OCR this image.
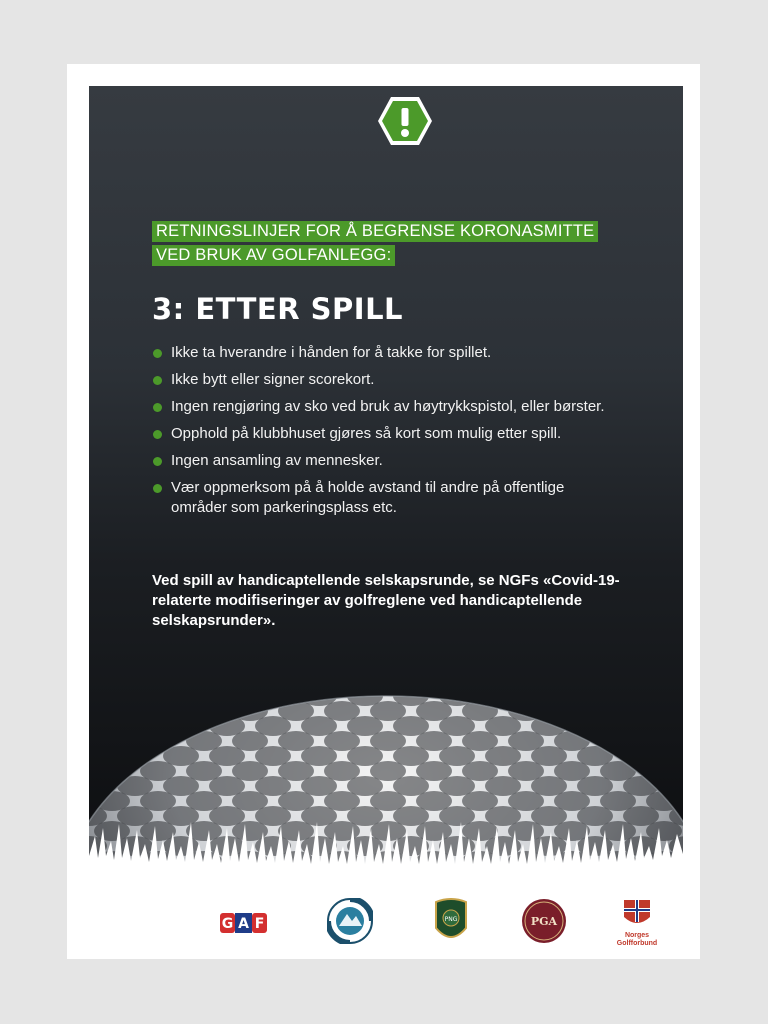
RETNINGSLINJER FOR Å BEGRENSE KORONASMITTE
VED BRUK AV GOLFANLEGG:
3: ETTER SPILL
Ikke ta hverandre i hånden for å takke for spillet.
Ikke bytt eller signer scorekort.
Ingen rengjøring av sko ved bruk av høytrykkspistol, eller børster.
Opphold på klubbhuset gjøres så kort som mulig etter spill.
Ingen ansamling av mennesker.
Vær oppmerksom på å holde avstand til andre på offentlige områder som parkeringsplass etc.
Ved spill av handicaptellende selskapsrunde, se NGFs «Covid-19-relaterte modifiseringer av golfreglene ved handicaptellende selskapsrunder».
G A F	PNG	PGA
Norges
Golfforbund
